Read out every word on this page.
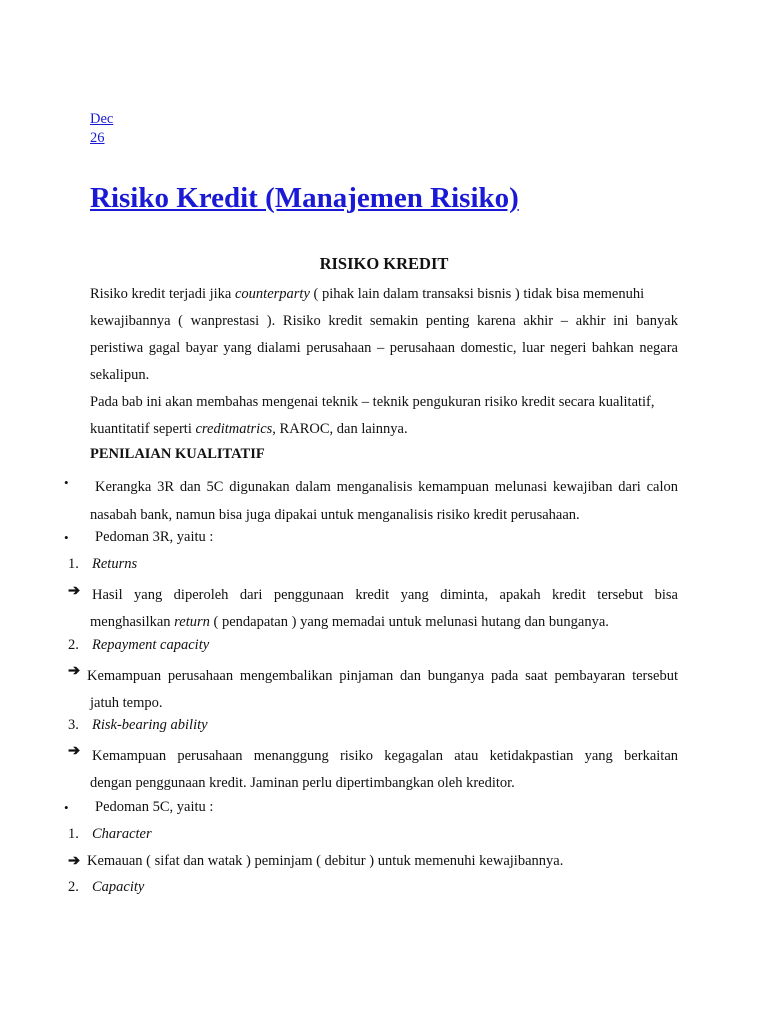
Dec
26
Risiko Kredit (Manajemen Risiko)
RISIKO KREDIT
Risiko kredit terjadi jika counterparty ( pihak lain dalam transaksi bisnis ) tidak bisa memenuhi
kewajibannya ( wanprestasi ). Risiko kredit semakin penting karena akhir – akhir ini banyak
peristiwa gagal bayar yang dialami perusahaan – perusahaan domestic, luar negeri bahkan negara
sekalipun.
Pada bab ini akan membahas mengenai teknik – teknik pengukuran risiko kredit secara kualitatif,
kuantitatif seperti creditmatrics, RAROC, dan lainnya.
PENILAIAN KUALITATIF
•	Kerangka 3R dan 5C digunakan dalam menganalisis kemampuan melunasi kewajiban dari calon
nasabah bank, namun bisa juga dipakai untuk menganalisis risiko kredit perusahaan.
•	Pedoman 3R, yaitu :
1. Returns
➔ Hasil yang diperoleh dari penggunaan kredit yang diminta, apakah kredit tersebut bisa
menghasilkan return ( pendapatan ) yang memadai untuk melunasi hutang dan bunganya.
2. Repayment capacity
➔ Kemampuan perusahaan mengembalikan pinjaman dan bunganya pada saat pembayaran tersebut
jatuh tempo.
3. Risk-bearing ability
➔ Kemampuan perusahaan menanggung risiko kegagalan atau ketidakpastian yang berkaitan
dengan penggunaan kredit. Jaminan perlu dipertimbangkan oleh kreditor.
•	Pedoman 5C, yaitu :
1. Character
➔ Kemauan ( sifat dan watak ) peminjam ( debitur ) untuk memenuhi kewajibannya.
2. Capacity
